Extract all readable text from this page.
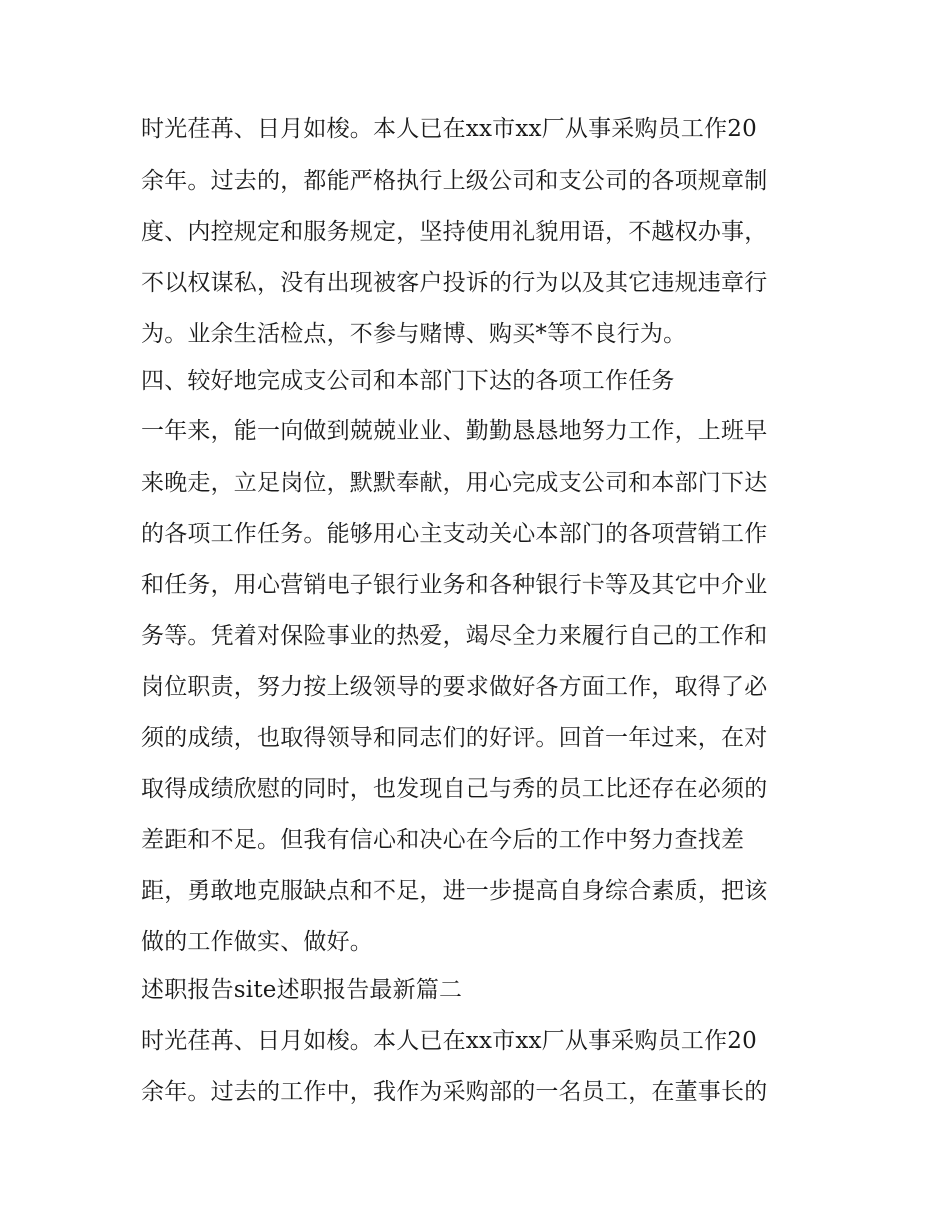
时光荏苒、日月如梭。本人已在xx市xx厂从事采购员工作20
余年。过去的，都能严格执行上级公司和支公司的各项规章制
度、内控规定和服务规定，坚持使用礼貌用语，不越权办事，
不以权谋私，没有出现被客户投诉的行为以及其它违规违章行
为。业余生活检点，不参与赌博、购买*等不良行为。
四、较好地完成支公司和本部门下达的各项工作任务
一年来，能一向做到兢兢业业、勤勤恳恳地努力工作，上班早
来晚走，立足岗位，默默奉献，用心完成支公司和本部门下达
的各项工作任务。能够用心主支动关心本部门的各项营销工作
和任务，用心营销电子银行业务和各种银行卡等及其它中介业
务等。凭着对保险事业的热爱，竭尽全力来履行自己的工作和
岗位职责，努力按上级领导的要求做好各方面工作，取得了必
须的成绩，也取得领导和同志们的好评。回首一年过来，在对
取得成绩欣慰的同时，也发现自己与秀的员工比还存在必须的
差距和不足。但我有信心和决心在今后的工作中努力查找差
距，勇敢地克服缺点和不足，进一步提高自身综合素质，把该
做的工作做实、做好。
述职报告site述职报告最新篇二
时光荏苒、日月如梭。本人已在xx市xx厂从事采购员工作20
余年。过去的工作中，我作为采购部的一名员工，在董事长的
